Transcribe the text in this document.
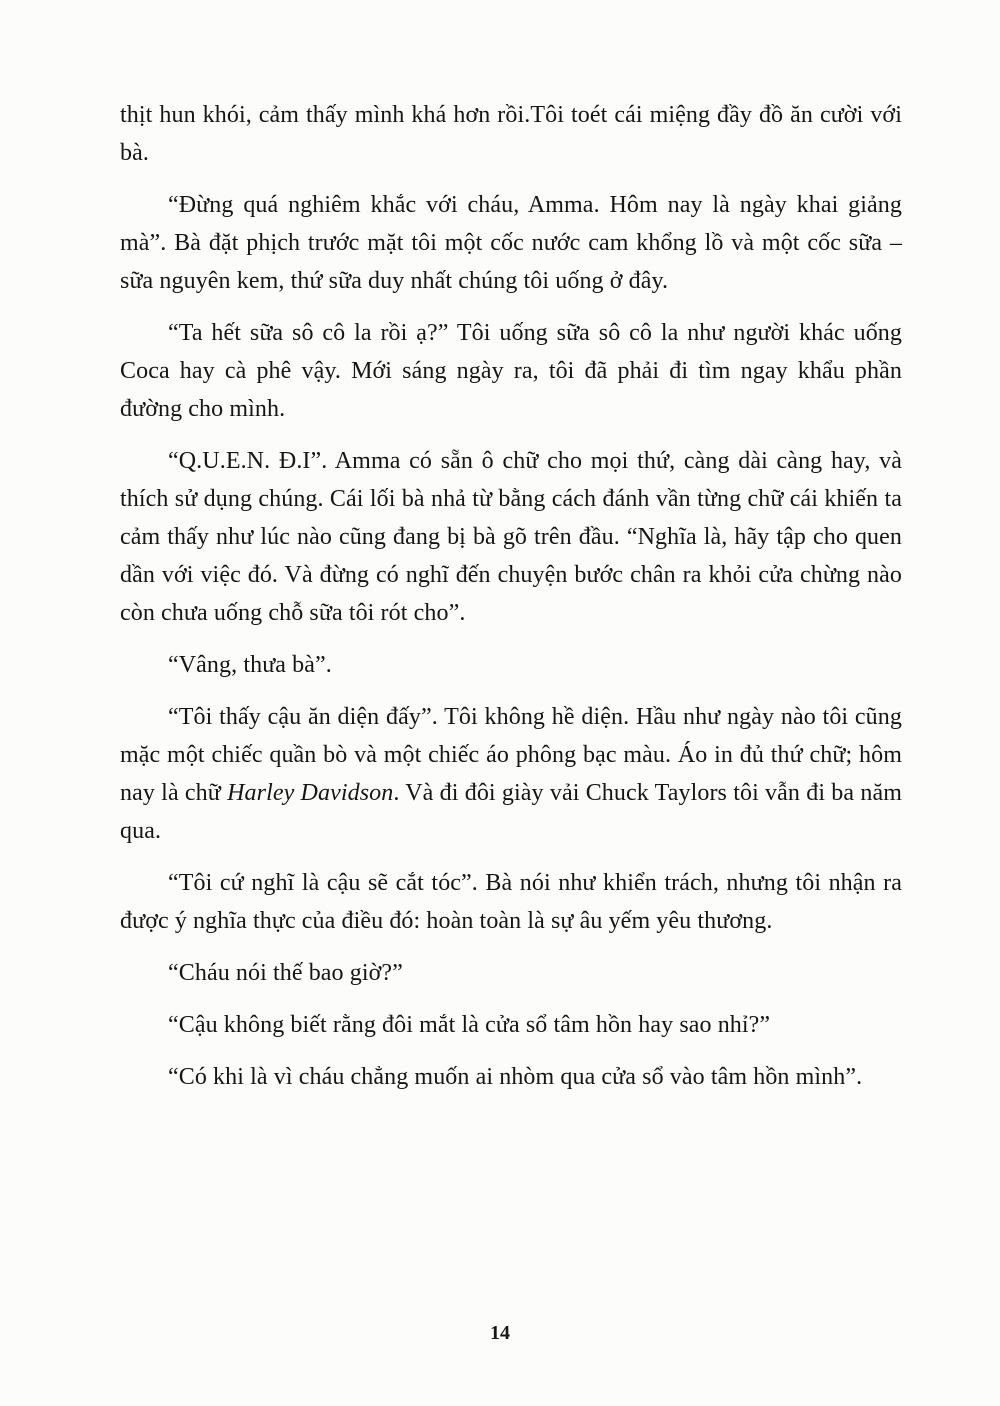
thịt hun khói, cảm thấy mình khá hơn rồi.Tôi toét cái miệng đầy đồ ăn cười với bà.

“Đừng quá nghiêm khắc với cháu, Amma. Hôm nay là ngày khai giảng mà”. Bà đặt phịch trước mặt tôi một cốc nước cam khổng lồ và một cốc sữa – sữa nguyên kem, thứ sữa duy nhất chúng tôi uống ở đây.

“Ta hết sữa sô cô la rồi ạ?” Tôi uống sữa sô cô la như người khác uống Coca hay cà phê vậy. Mới sáng ngày ra, tôi đã phải đi tìm ngay khẩu phần đường cho mình.

“Q.U.E.N. Đ.I”. Amma có sẵn ô chữ cho mọi thứ, càng dài càng hay, và thích sử dụng chúng. Cái lối bà nhả từ bằng cách đánh vần từng chữ cái khiến ta cảm thấy như lúc nào cũng đang bị bà gõ trên đầu. “Nghĩa là, hãy tập cho quen dần với việc đó. Và đừng có nghĩ đến chuyện bước chân ra khỏi cửa chừng nào còn chưa uống chỗ sữa tôi rót cho”.

“Vâng, thưa bà”.

“Tôi thấy cậu ăn diện đấy”. Tôi không hề diện. Hầu như ngày nào tôi cũng mặc một chiếc quần bò và một chiếc áo phông bạc màu. Áo in đủ thứ chữ; hôm nay là chữ Harley Davidson. Và đi đôi giày vải Chuck Taylors tôi vẫn đi ba năm qua.

“Tôi cứ nghĩ là cậu sẽ cắt tóc”. Bà nói như khiển trách, nhưng tôi nhận ra được ý nghĩa thực của điều đó: hoàn toàn là sự âu yếm yêu thương.

“Cháu nói thế bao giờ?”

“Cậu không biết rằng đôi mắt là cửa sổ tâm hồn hay sao nhỉ?”

“Có khi là vì cháu chẳng muốn ai nhòm qua cửa sổ vào tâm hồn mình”.

14
